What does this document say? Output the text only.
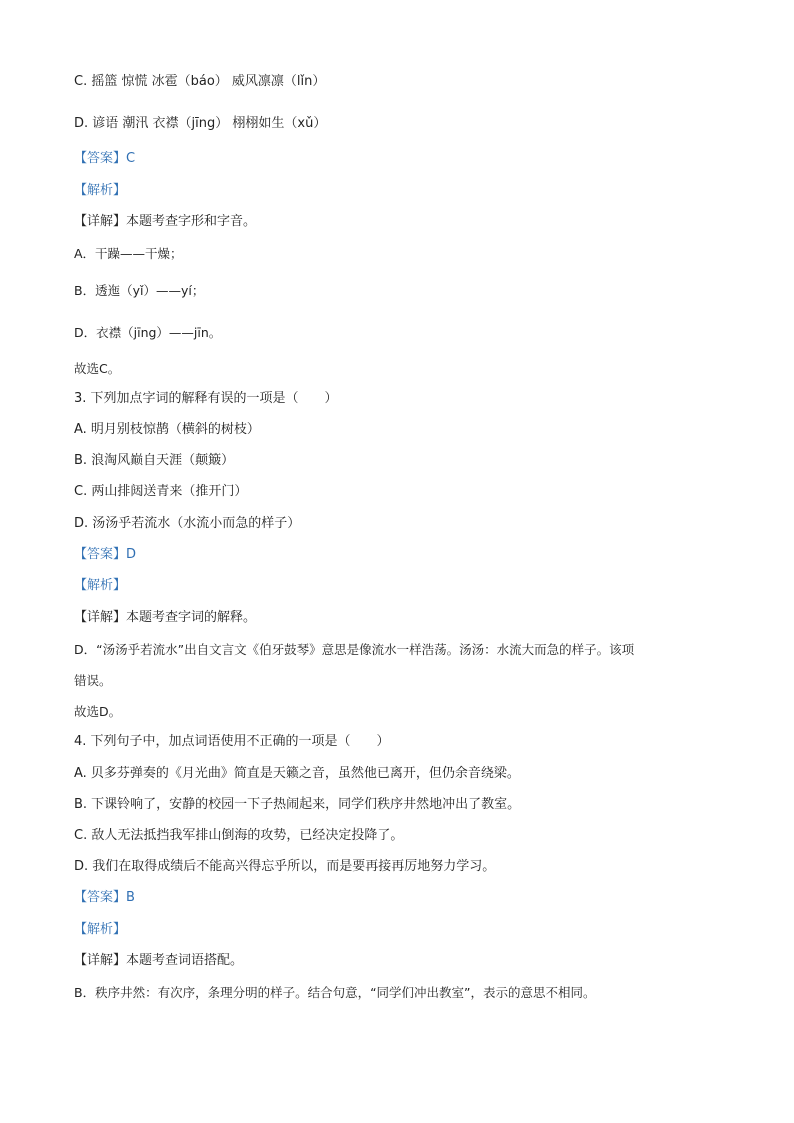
C. 摇篮 惊慌 冰雹（báo） 威风凛凛（lǐn）
D. 谚语 潮汛 衣襟（jīng） 栩栩如生（xǔ）
【答案】C
【解析】
【详解】本题考查字形和字音。
A．干躁——干燥；
B．透迤（yǐ）——yí；
D．衣襟（jīng）——jīn。
故选C。
3. 下列加点字词的解释有误的一项是（　　）
A. 明月别枝惊鹊（横斜的树枝）
B. 浪淘风巅自天涯（颠簸）
C. 两山排闼送青来（推开门）
D. 汤汤乎若流水（水流小而急的样子）
【答案】D
【解析】
【详解】本题考查字词的解释。
D．“汤汤乎若流水”出自文言文《伯牙鼓琴》意思是像流水一样浩荡。汤汤：水流大而急的样子。该项
错误。
故选D。
4. 下列句子中，加点词语使用不正确的一项是（　　）
A. 贝多芬弹奏的《月光曲》简直是天籁之音，虽然他已离开，但仍余音绕梁。
B. 下课铃响了，安静的校园一下子热闹起来，同学们秩序井然地冲出了教室。
C. 敌人无法抵挡我军排山倒海的攻势，已经决定投降了。
D. 我们在取得成绩后不能高兴得忘乎所以，而是要再接再厉地努力学习。
【答案】B
【解析】
【详解】本题考查词语搭配。
B．秩序井然：有次序，条理分明的样子。结合句意，“同学们冲出教室”，表示的意思不相同。
